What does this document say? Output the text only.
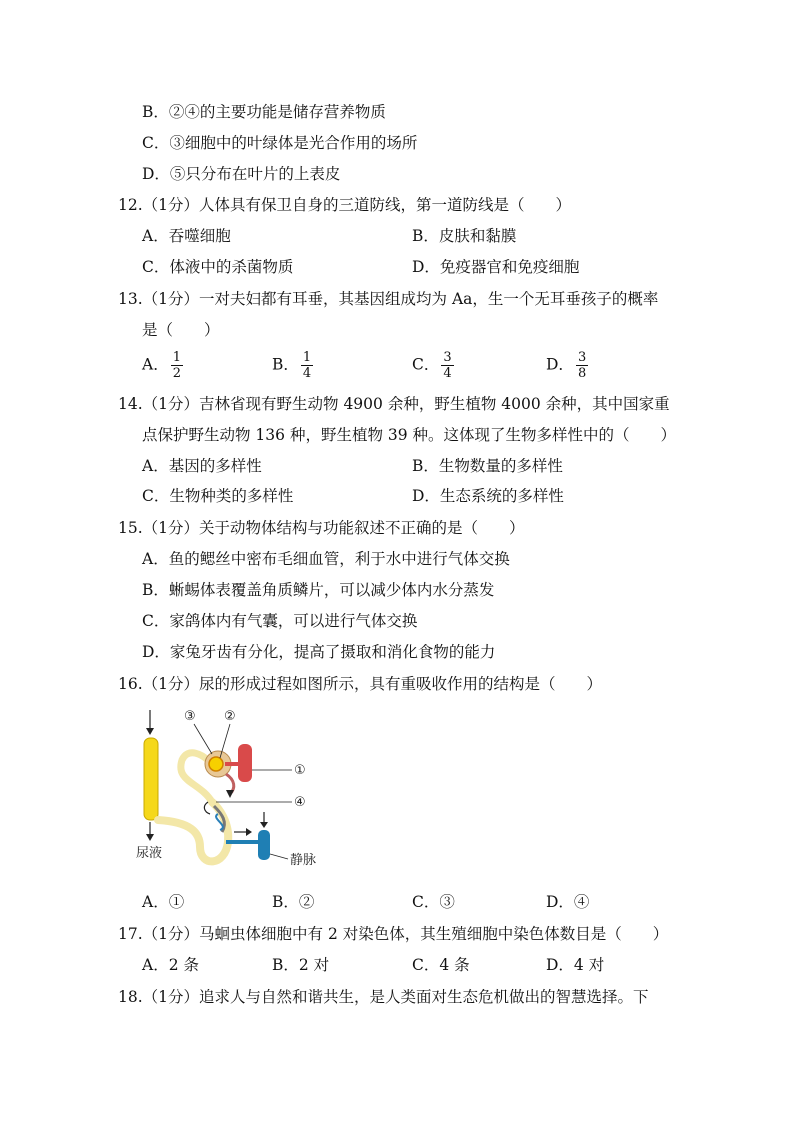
B．②④的主要功能是储存营养物质
C．③细胞中的叶绿体是光合作用的场所
D．⑤只分布在叶片的上表皮
12.（1分）人体具有保卫自身的三道防线，第一道防线是（　　）
A．吞噬细胞	B．皮肤和黏膜
C．体液中的杀菌物质	D．免疫器官和免疫细胞
13.（1分）一对夫妇都有耳垂，其基因组成均为 Aa，生一个无耳垂孩子的概率
是（　　）
A． $\frac{1}{2}$	B． $\frac{1}{4}$	C． $\frac{3}{4}$	D． $\frac{3}{8}$
14.（1分）吉林省现有野生动物 4900 余种，野生植物 4000 余种，其中国家重
点保护野生动物 136 种，野生植物 39 种。这体现了生物多样性中的（　　）
A．基因的多样性	B．生物数量的多样性
C．生物种类的多样性	D．生态系统的多样性
15.（1分）关于动物体结构与功能叙述不正确的是（　　）
A．鱼的鳃丝中密布毛细血管，利于水中进行气体交换
B．蜥蜴体表覆盖角质鳞片，可以减少体内水分蒸发
C．家鸽体内有气囊，可以进行气体交换
D．家兔牙齿有分化，提高了摄取和消化食物的能力
16.（1分）尿的形成过程如图所示，具有重吸收作用的结构是（　　）
尿液	静脉
③ ②
①
④
A．①	B．②	C．③	D．④
17.（1分）马蛔虫体细胞中有 2 对染色体，其生殖细胞中染色体数目是（　　）
A．2 条	B．2 对	C．4 条	D．4 对
18.（1分）追求人与自然和谐共生，是人类面对生态危机做出的智慧选择。下
